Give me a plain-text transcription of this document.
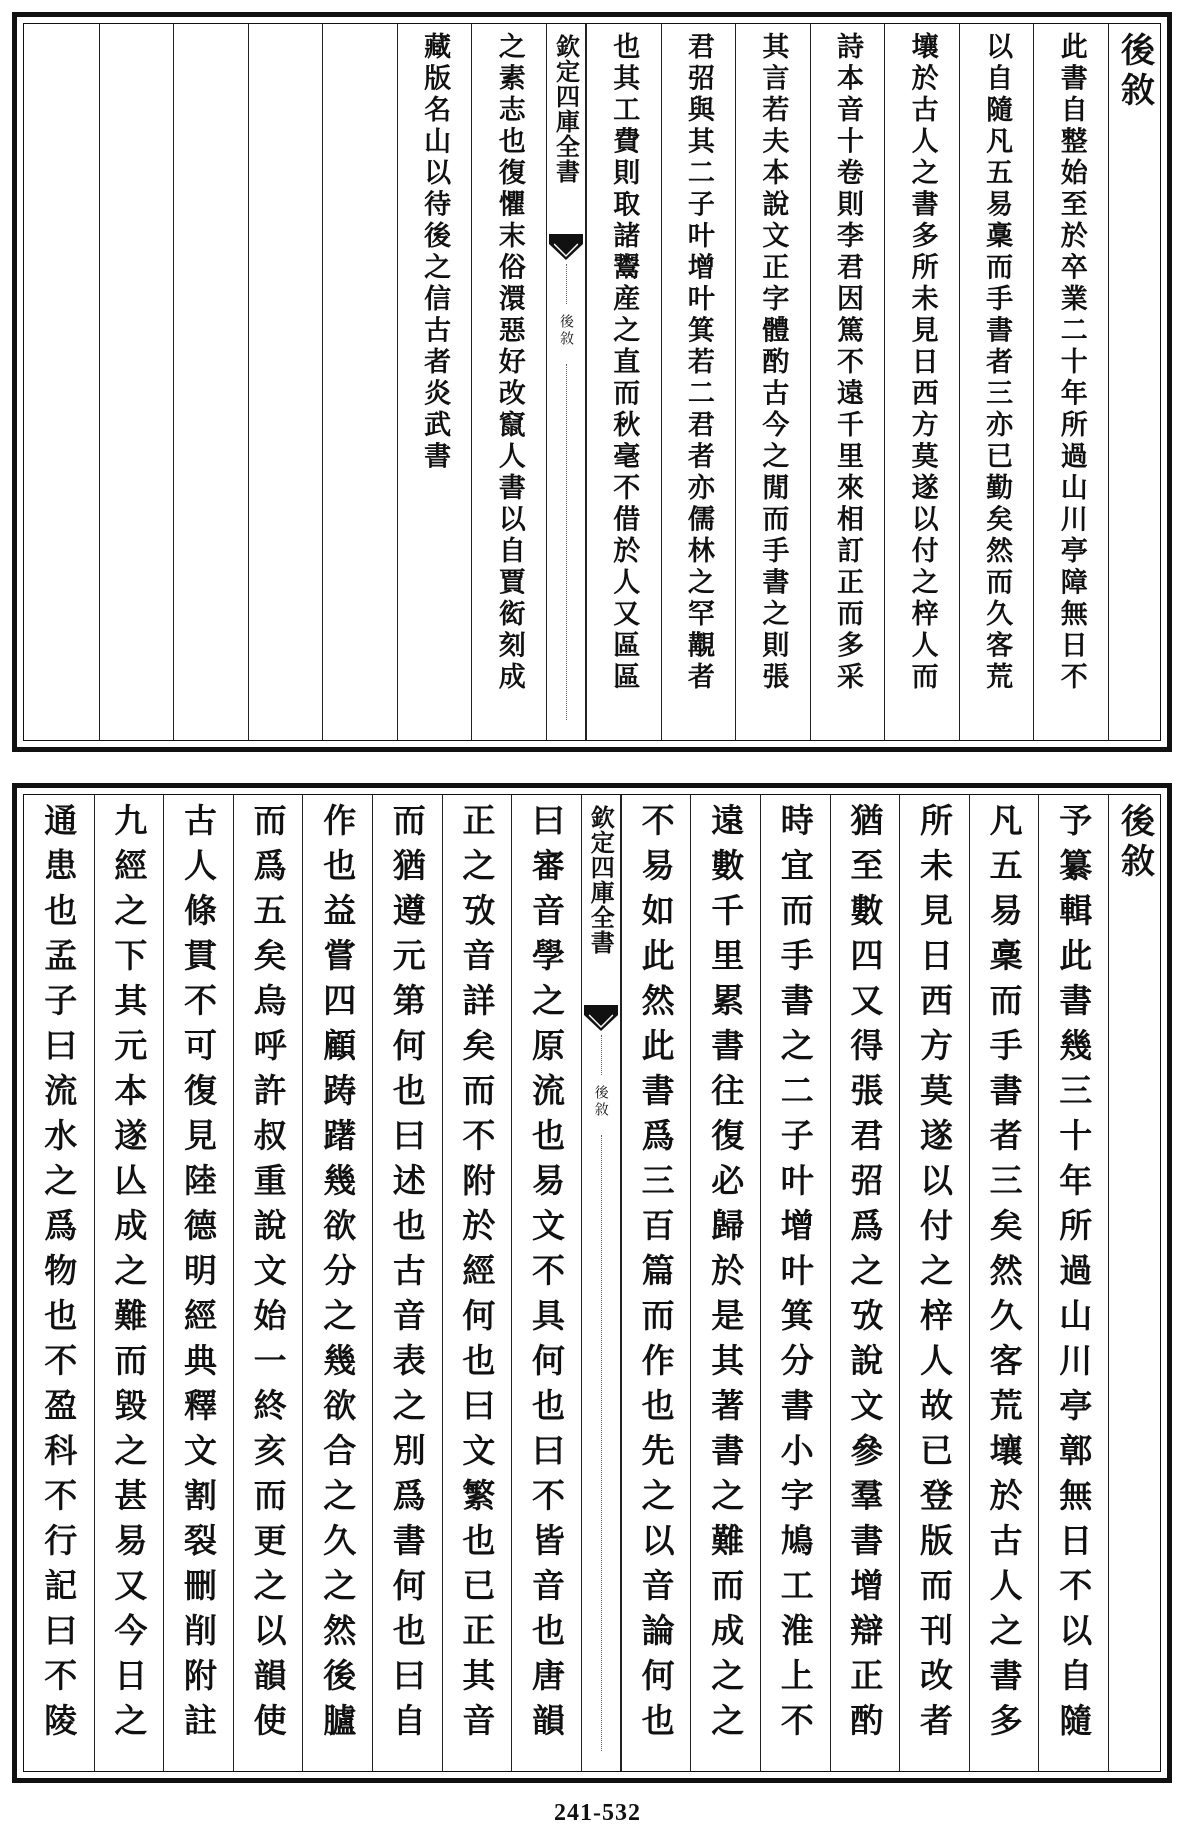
後敘
此書自𢿫始至於卒業二十年所過山川亭障無日不
以自隨凡五易稾而手書者三亦已勤矣然而久客荒
壤於古人之書多所未見日西方莫遂以付之梓人而
詩本音十卷則李君因篤不遠千里來相訂正而多采
其言若夫本說文正字體酌古今之閒而手書之則張
君弨與其二子叶增叶箕若二君者亦儒林之罕覯者
也其工費則取諸鬻産之直而秋毫不借於人又區區
欽定四庫全書
後敘
之素志也復懼末俗澴惡好改竄人書以自賈衒刻成
藏版名山以待後之信古者炎武書
後敘
予纂輯此書幾三十年所過山川亭鄣無日不以自隨
凡五易稾而手書者三矣然久客荒壤於古人之書多
所未見日西方莫遂以付之梓人故已登版而刊改者
猶至數四又得張君弨爲之攷說文參羣書增辯正酌
時宜而手書之二子叶增叶箕分書小字鳩工淮上不
遠數千里累書往復必歸於是其著書之難而成之之
不易如此然此書爲三百篇而作也先之以音論何也
欽定四庫全書
後敘
曰審音學之原流也易文不具何也曰不皆音也唐韻
正之攷音詳矣而不附於經何也曰文繁也已正其音
而猶遵元第何也曰述也古音表之別爲書何也曰自
作也益嘗四顧踌躇幾欲分之幾欲合之久之然後臚
而爲五矣烏呼許叔重說文始一終亥而更之以韻使
古人條貫不可復見陸德明經典釋文割裂刪削附註
九經之下其元本遂亾成之難而毀之甚易又今日之
通患也孟子曰流水之爲物也不盈科不行記曰不陵
241-532
